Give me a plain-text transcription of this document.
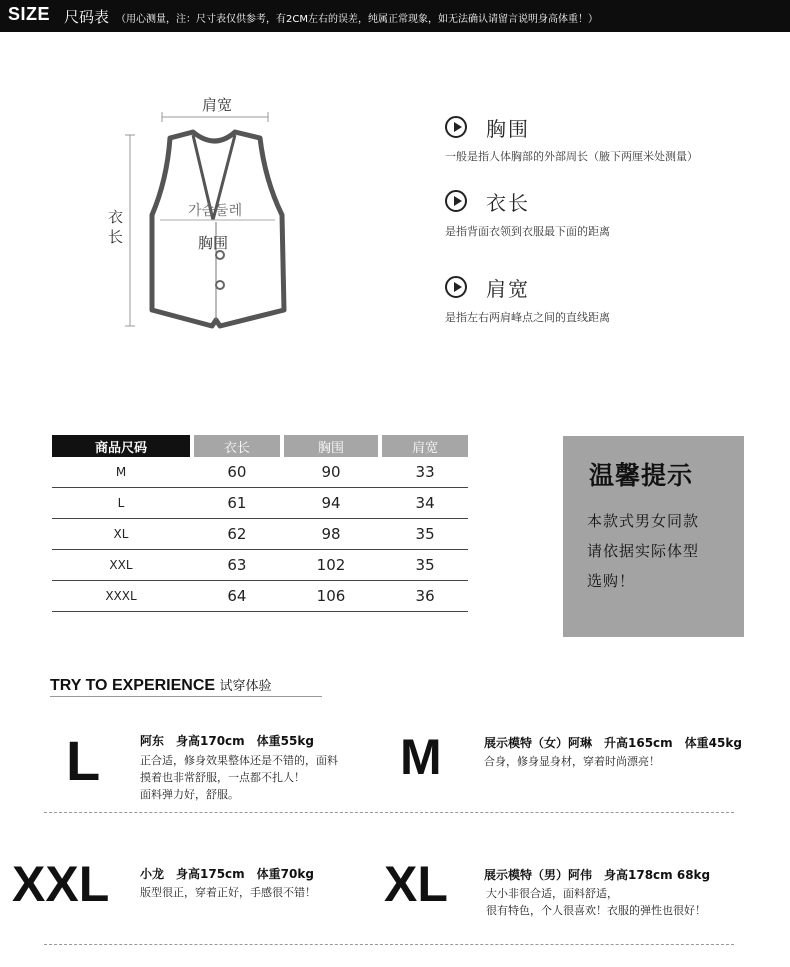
SIZE 尺码表 （用心测量，注：尺寸表仅供参考，有2CM左右的误差，纯属正常现象，如无法确认请留言说明身高体重！）
肩宽
衣长
가슴둘레
胸围
胸围
一般是指人体胸部的外部周长（腋下两厘米处测量）
衣长
是指背面衣领到衣服最下面的距离
肩宽
是指左右两肩峰点之间的直线距离
商品尺码		衣长		胸围		肩宽
M		60		90		33
L		61		94		34
XL		62		98		35
XXL		63		102		35
XXXL		64		106		36
温馨提示
本款式男女同款
请依据实际体型
选购！
TRY TO EXPERIENCE 试穿体验
L	阿东　身高170cm　体重55kg
正合适，修身效果整体还是不错的，面料
摸着也非常舒服，一点都不扎人！
面料弹力好，舒服。
M	展示模特（女）阿琳　升高165cm　体重45kg
合身，修身显身材，穿着时尚漂亮！
XXL	小龙　身高175cm　体重70kg
版型很正，穿着正好，手感很不错！ XL	展示模特（男）阿伟　身高178cm 68kg
大小非很合适，面料舒适，
很有特色，个人很喜欢！衣服的弹性也很好！
